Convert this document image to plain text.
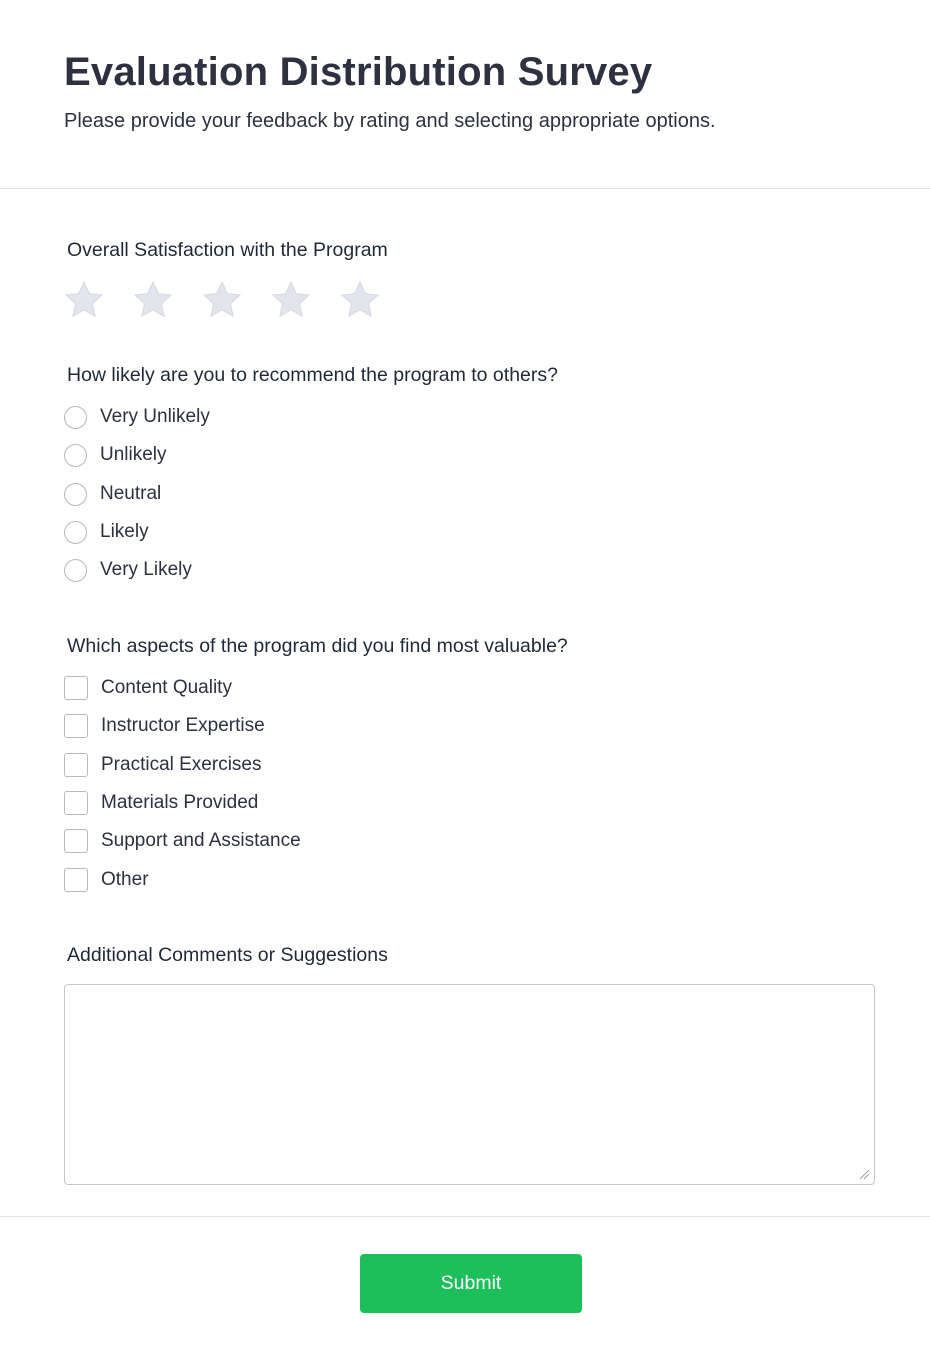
Evaluation Distribution Survey

Please provide your feedback by rating and selecting appropriate options.

Overall Satisfaction with the Program
How likely are you to recommend the program to others?
Very Unlikely
Unlikely
Neutral
Likely
Very Likely
Which aspects of the program did you find most valuable?
Content Quality
Instructor Expertise
Practical Exercises
Materials Provided
Support and Assistance
Other
Additional Comments or Suggestions
Submit
